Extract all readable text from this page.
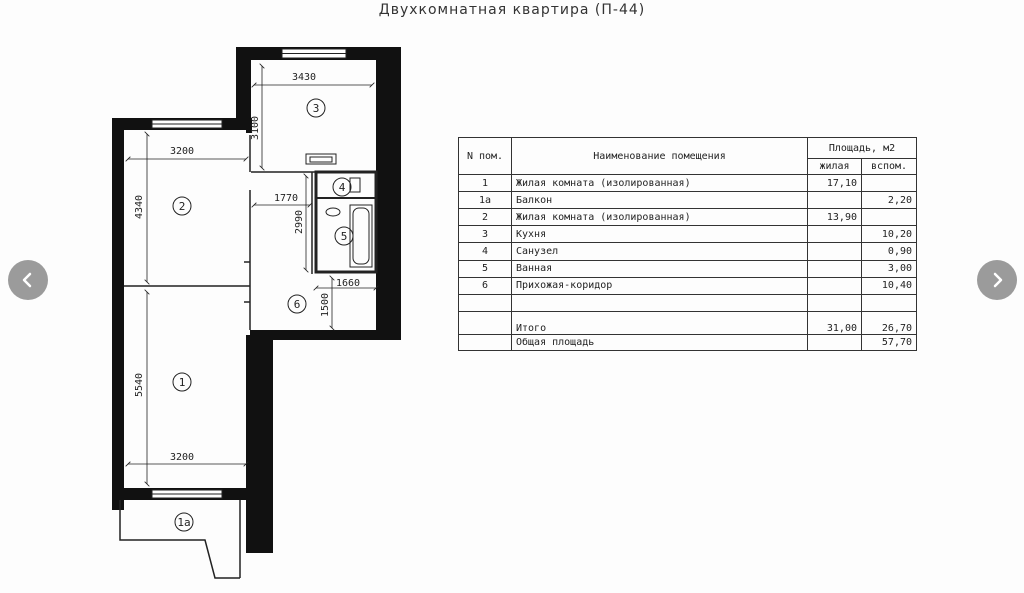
Двухкомнатная квартира (П-44)
3430
3100
3200
4340	1770
2990
1660
1500
5540
3200
3
2
4
5
6
1
1a
N пом.	Наименование помещения	Площадь, м2	
		жилая	вспом.
1	Жилая комната (изолированная)	17,10	
1a	Балкон		2,20
2	Жилая комната (изолированная)	13,90	
3	Кухня		10,20
4	Санузел		0,90
5	Ванная		3,00
6	Прихожая-коридор		10,40

	Итого	31,00	26,70
	Общая площадь		57,70
